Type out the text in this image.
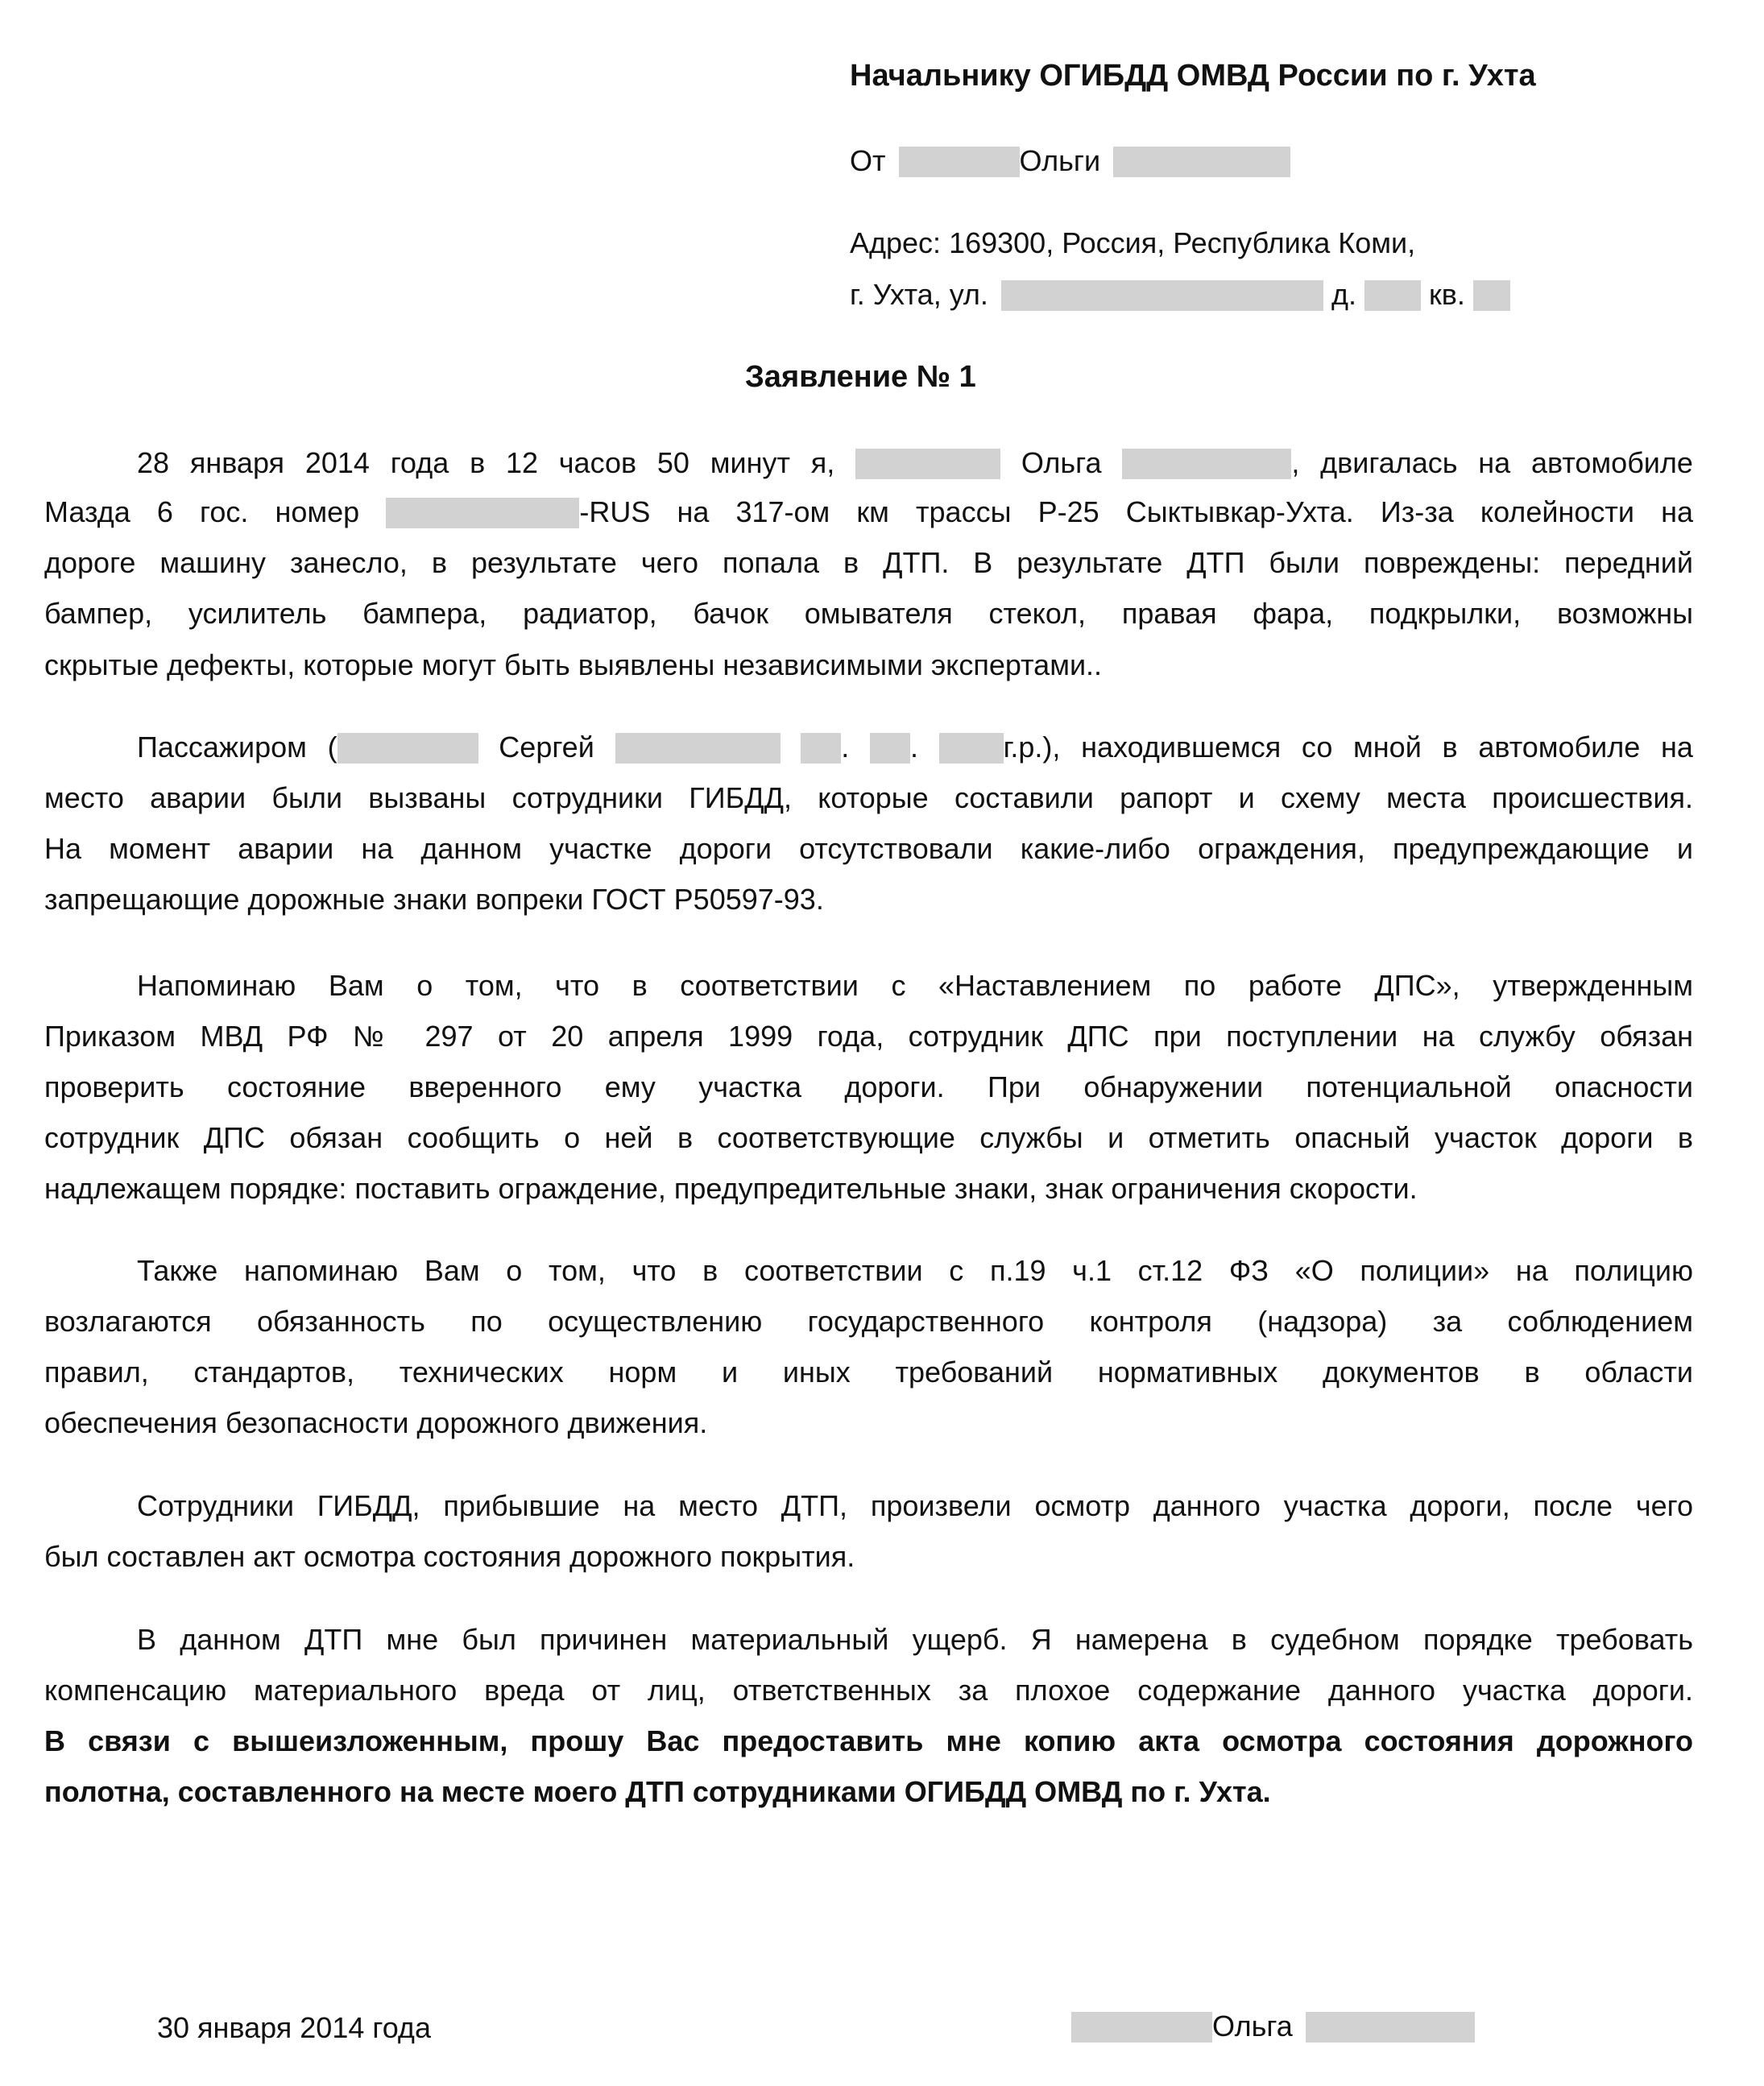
Начальнику ОГИБДД ОМВД России по г. Ухта
От	Ольги
Адрес: 169300, Россия, Республика Коми,
г. Ухта, ул.	д.	кв.
Заявление № 1
28 января 2014 года в 12 часов 50 минут я,	Ольга	, двигалась на автомобиле
Мазда 6 гос. номер	-RUS на 317-ом км трассы Р-25 Сыктывкар-Ухта. Из-за колейности на
дороге машину занесло, в результате чего попала в ДТП. В результате ДТП были повреждены: передний
бампер, усилитель бампера, радиатор, бачок омывателя стекол, правая фара, подкрылки, возможны
скрытые дефекты, которые могут быть выявлены независимыми экспертами..
Пассажиром (	Сергей	. .	г.р.), находившемся со мной в автомобиле на
место аварии были вызваны сотрудники ГИБДД, которые составили рапорт и схему места происшествия.
На момент аварии на данном участке дороги отсутствовали какие-либо ограждения, предупреждающие и
запрещающие дорожные знаки вопреки ГОСТ Р50597-93.
Напоминаю Вам о том, что в соответствии с «Наставлением по работе ДПС», утвержденным
Приказом МВД РФ № 297 от 20 апреля 1999 года, сотрудник ДПС при поступлении на службу обязан
проверить состояние вверенного ему участка дороги. При обнаружении потенциальной опасности
сотрудник ДПС обязан сообщить о ней в соответствующие службы и отметить опасный участок дороги в
надлежащем порядке: поставить ограждение, предупредительные знаки, знак ограничения скорости.
Также напоминаю Вам о том, что в соответствии с п.19 ч.1 ст.12 ФЗ «О полиции» на полицию
возлагаются обязанность по осуществлению государственного контроля (надзора) за соблюдением
правил, стандартов, технических норм и иных требований нормативных документов в области
обеспечения безопасности дорожного движения.
Сотрудники ГИБДД, прибывшие на место ДТП, произвели осмотр данного участка дороги, после чего
был составлен акт осмотра состояния дорожного покрытия.
В данном ДТП мне был причинен материальный ущерб. Я намерена в судебном порядке требовать
компенсацию материального вреда от лиц, ответственных за плохое содержание данного участка дороги.
В связи с вышеизложенным, прошу Вас предоставить мне копию акта осмотра состояния дорожного
полотна, составленного на месте моего ДТП сотрудниками ОГИБДД ОМВД по г. Ухта.
30 января 2014 года	Ольга
